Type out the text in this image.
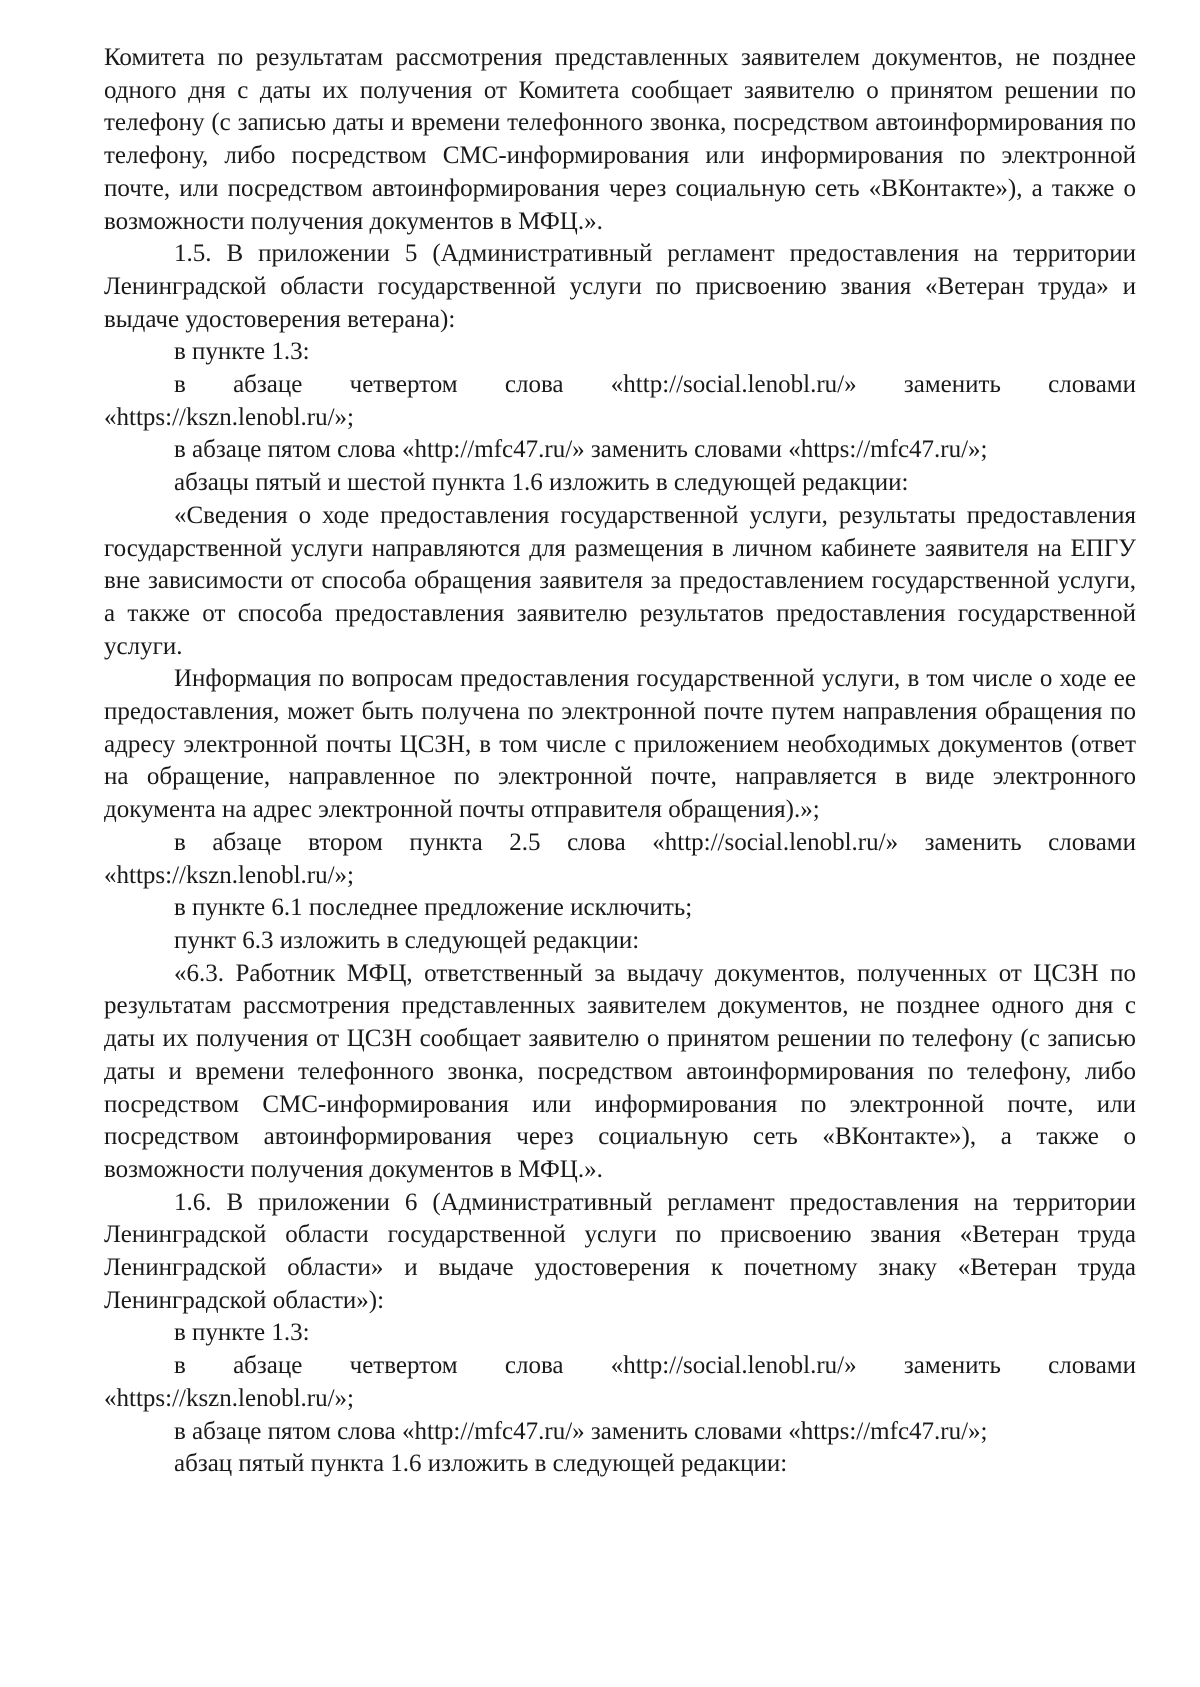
Комитета по результатам рассмотрения представленных заявителем документов, не позднее одного дня с даты их получения от Комитета сообщает заявителю о принятом решении по телефону (с записью даты и времени телефонного звонка, посредством автоинформирования по телефону, либо посредством СМС-информирования или информирования по электронной почте, или посредством автоинформирования через социальную сеть «ВКонтакте»), а также о возможности получения документов в МФЦ.».

1.5. В приложении 5 (Административный регламент предоставления на территории Ленинградской области государственной услуги по присвоению звания «Ветеран труда» и выдаче удостоверения ветерана):

в пункте 1.3:

в абзаце четвертом слова «http://social.lenobl.ru/» заменить словами «https://kszn.lenobl.ru/»;

в абзаце пятом слова «http://mfc47.ru/» заменить словами «https://mfc47.ru/»;

абзацы пятый и шестой пункта 1.6 изложить в следующей редакции:

«Сведения о ходе предоставления государственной услуги, результаты предоставления государственной услуги направляются для размещения в личном кабинете заявителя на ЕПГУ вне зависимости от способа обращения заявителя за предоставлением государственной услуги, а также от способа предоставления заявителю результатов предоставления государственной услуги.

Информация по вопросам предоставления государственной услуги, в том числе о ходе ее предоставления, может быть получена по электронной почте путем направления обращения по адресу электронной почты ЦСЗН, в том числе с приложением необходимых документов (ответ на обращение, направленное по электронной почте, направляется в виде электронного документа на адрес электронной почты отправителя обращения).»;

в абзаце втором пункта 2.5 слова «http://social.lenobl.ru/» заменить словами «https://kszn.lenobl.ru/»;

в пункте 6.1 последнее предложение исключить;

пункт 6.3 изложить в следующей редакции:

«6.3. Работник МФЦ, ответственный за выдачу документов, полученных от ЦСЗН по результатам рассмотрения представленных заявителем документов, не позднее одного дня с даты их получения от ЦСЗН сообщает заявителю о принятом решении по телефону (с записью даты и времени телефонного звонка, посредством автоинформирования по телефону, либо посредством СМС-информирования или информирования по электронной почте, или посредством автоинформирования через социальную сеть «ВКонтакте»), а также о возможности получения документов в МФЦ.».

1.6. В приложении 6 (Административный регламент предоставления на территории Ленинградской области государственной услуги по присвоению звания «Ветеран труда Ленинградской области» и выдаче удостоверения к почетному знаку «Ветеран труда Ленинградской области»):

в пункте 1.3:

в абзаце четвертом слова «http://social.lenobl.ru/» заменить словами «https://kszn.lenobl.ru/»;

в абзаце пятом слова «http://mfc47.ru/» заменить словами «https://mfc47.ru/»;

абзац пятый пункта 1.6 изложить в следующей редакции:
